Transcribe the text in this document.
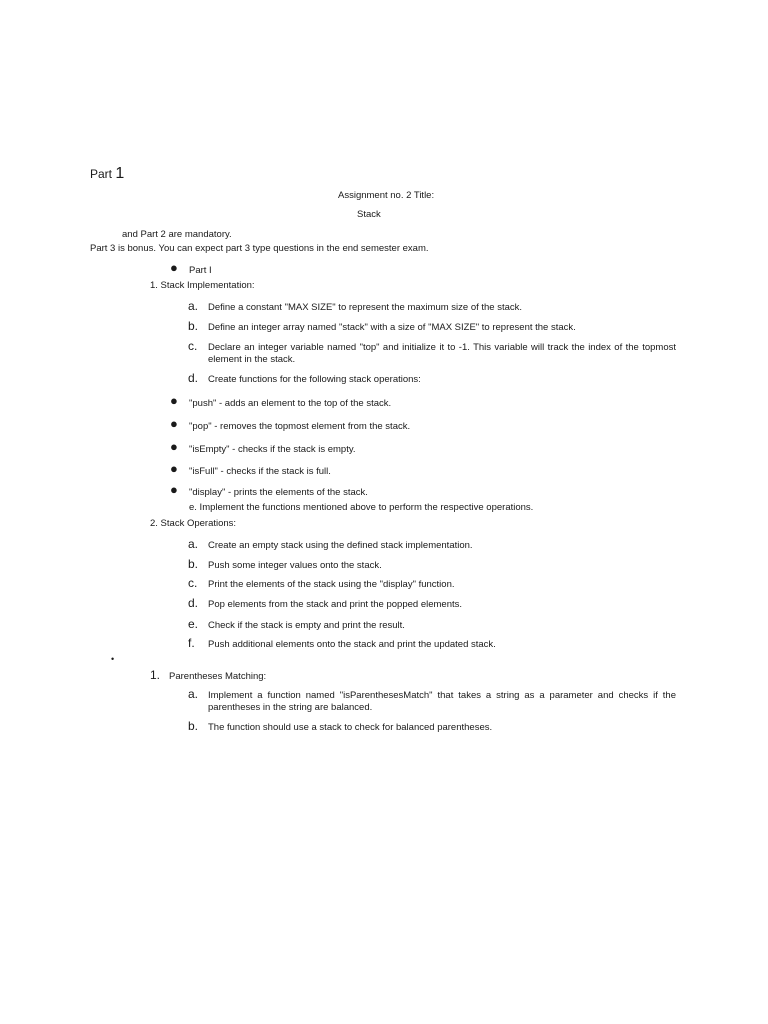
Part 1
Assignment no. 2 Title:
Stack
and Part 2 are mandatory.
Part 3 is bonus. You can expect part 3 type questions in the end semester exam.
● Part I
1. Stack Implementation:
a. Define a constant "MAX SIZE" to represent the maximum size of the stack.
b. Define an integer array named "stack" with a size of "MAX SIZE" to represent the stack.
c. Declare an integer variable named "top" and initialize it to -1. This variable will track the index of the topmost element in the stack.
d. Create functions for the following stack operations:
● "push" - adds an element to the top of the stack.
● "pop" - removes the topmost element from the stack.
● "isEmpty" - checks if the stack is empty.
● "isFull" - checks if the stack is full.
● "display" - prints the elements of the stack.
e. Implement the functions mentioned above to perform the respective operations.
2. Stack Operations:
a. Create an empty stack using the defined stack implementation.
b. Push some integer values onto the stack.
c. Print the elements of the stack using the "display" function.
d. Pop elements from the stack and print the popped elements.
e. Check if the stack is empty and print the result.
f. Push additional elements onto the stack and print the updated stack.
•
1. Parentheses Matching:
a. Implement a function named "isParenthesesMatch" that takes a string as a parameter and checks if the parentheses in the string are balanced.
b. The function should use a stack to check for balanced parentheses.
